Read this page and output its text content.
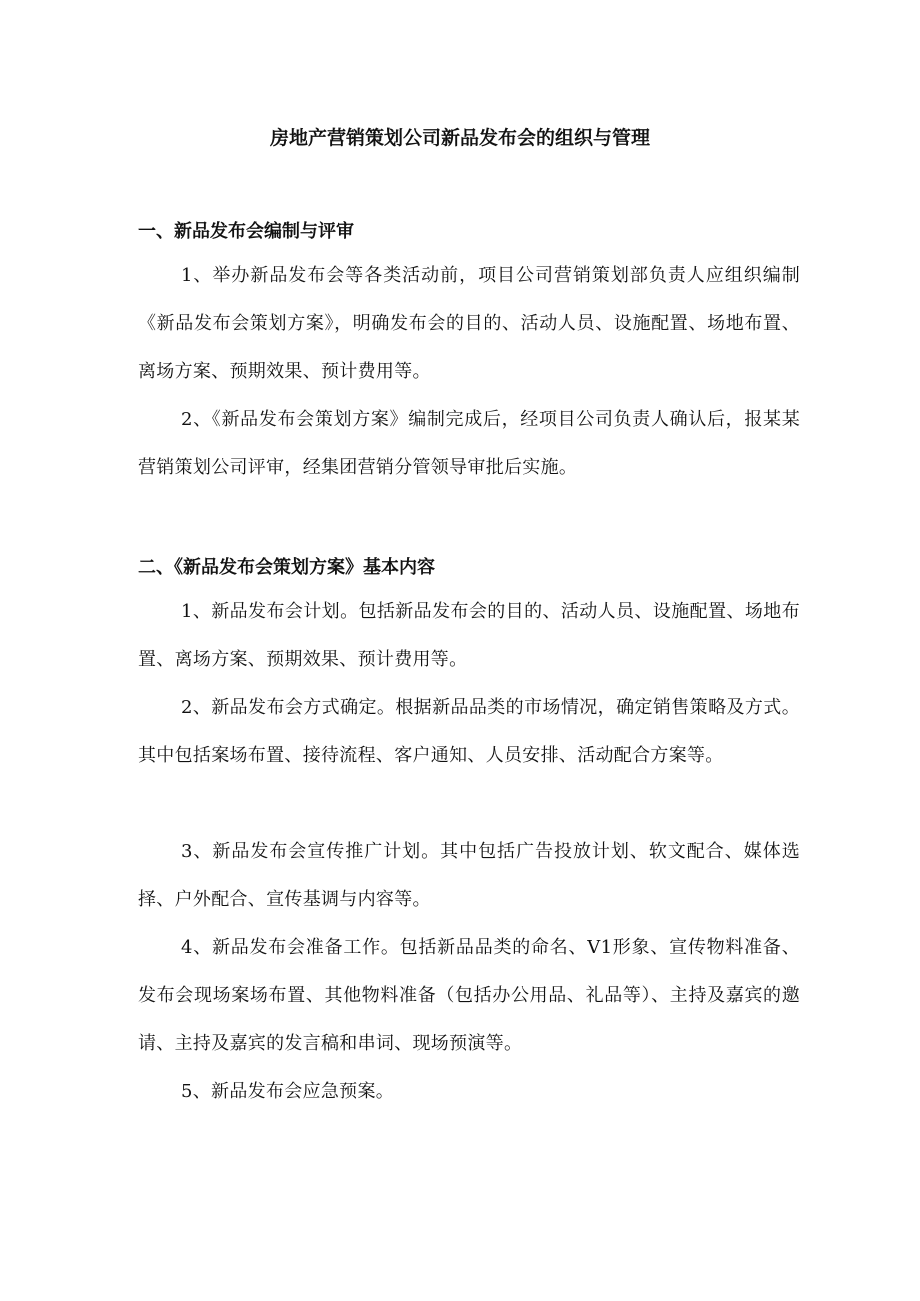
房地产营销策划公司新品发布会的组织与管理
一、新品发布会编制与评审

1、举办新品发布会等各类活动前，项目公司营销策划部负责人应组织编制《新品发布会策划方案》，明确发布会的目的、活动人员、设施配置、场地布置、离场方案、预期效果、预计费用等。

2、《新品发布会策划方案》编制完成后，经项目公司负责人确认后，报某某营销策划公司评审，经集团营销分管领导审批后实施。

二、《新品发布会策划方案》基本内容

1、新品发布会计划。包括新品发布会的目的、活动人员、设施配置、场地布置、离场方案、预期效果、预计费用等。

2、新品发布会方式确定。根据新品品类的市场情况，确定销售策略及方式。其中包括案场布置、接待流程、客户通知、人员安排、活动配合方案等。

3、新品发布会宣传推广计划。其中包括广告投放计划、软文配合、媒体选择、户外配合、宣传基调与内容等。

4、新品发布会准备工作。包括新品品类的命名、V1形象、宣传物料准备、发布会现场案场布置、其他物料准备（包括办公用品、礼品等）、主持及嘉宾的邀请、主持及嘉宾的发言稿和串词、现场预演等。

5、新品发布会应急预案。
